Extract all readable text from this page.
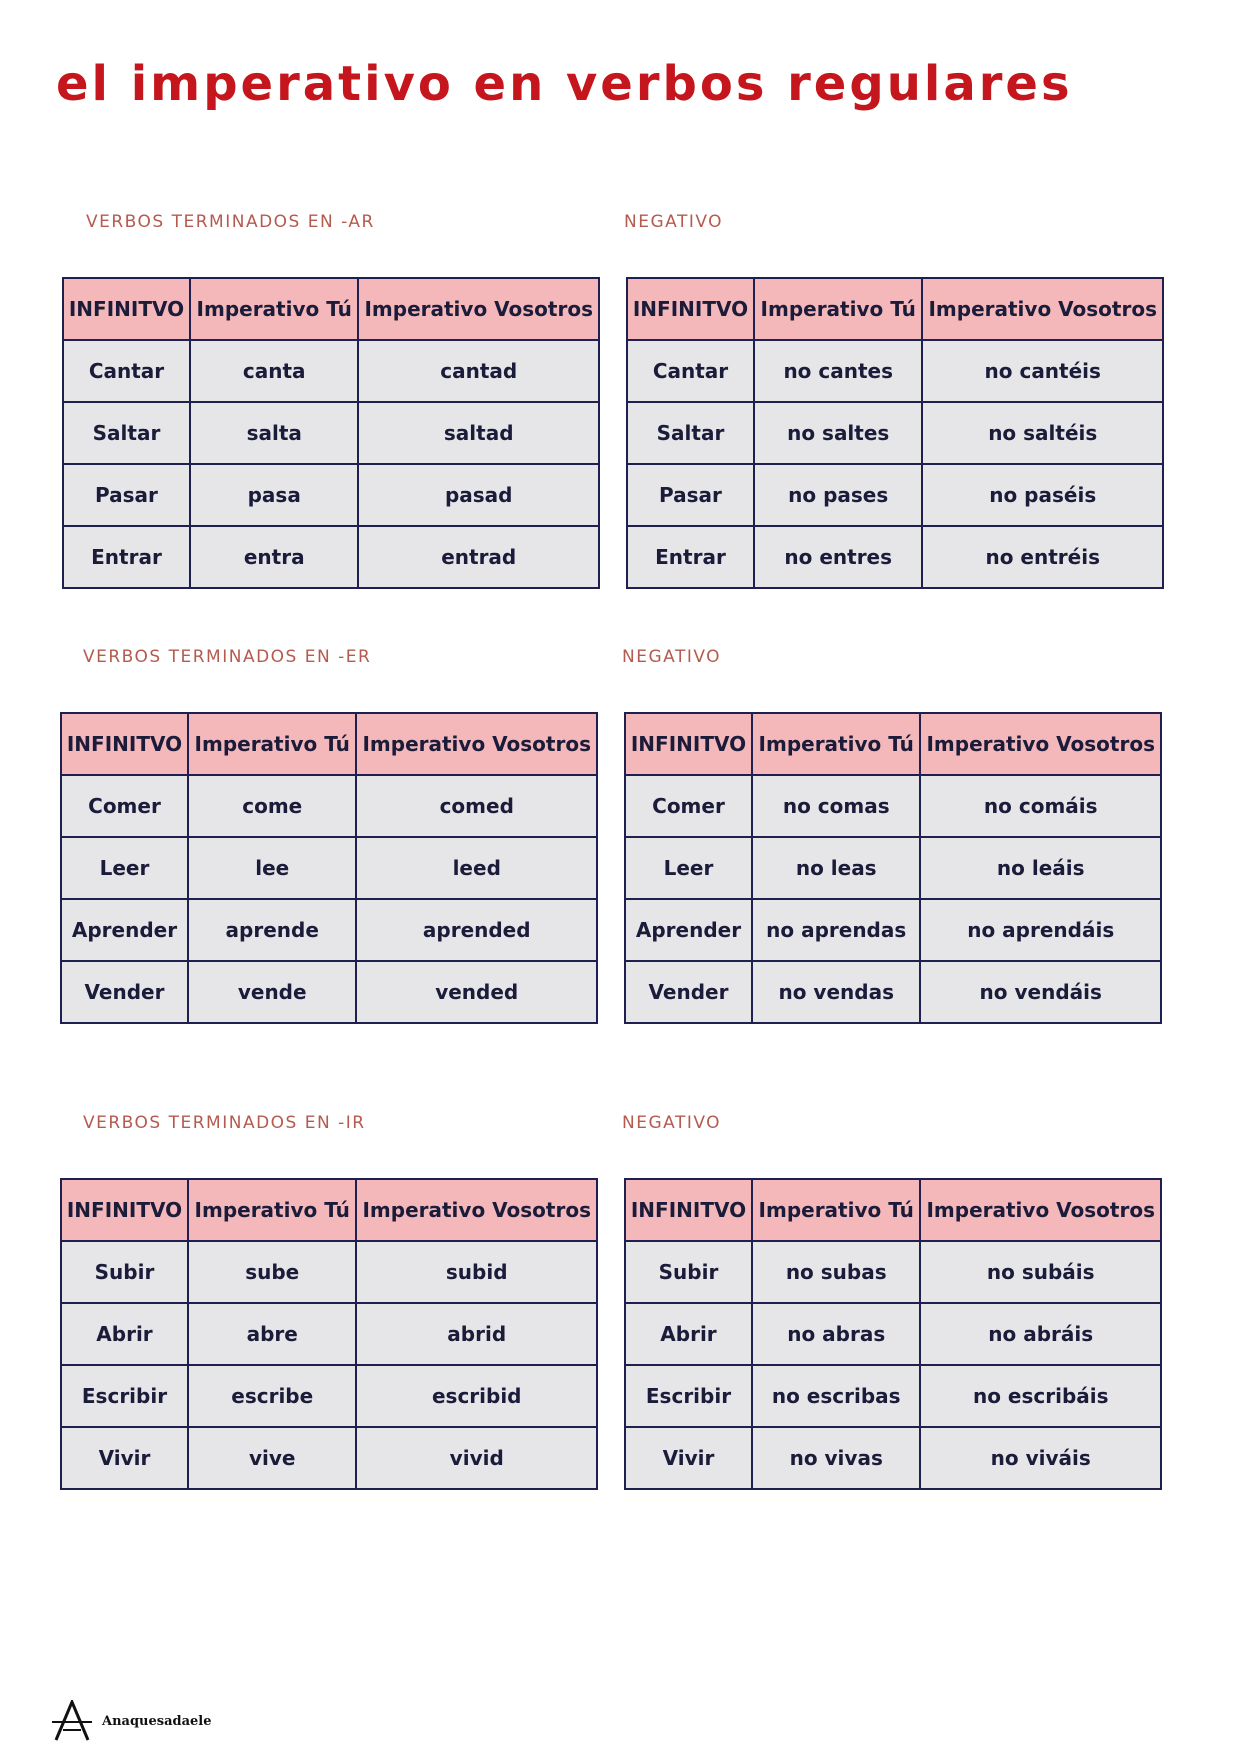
el imperativo en verbos regulares
VERBOS TERMINADOS EN -AR	NEGATIVO
INFINITVO	Imperativo Tú	Imperativo Vosotros
Cantar	canta	cantad
Saltar	salta	saltad
Pasar	pasa	pasad
Entrar	entra	entrad
INFINITVO	Imperativo Tú	Imperativo Vosotros
Cantar	no cantes	no cantéis
Saltar	no saltes	no saltéis
Pasar	no pases	no paséis
Entrar	no entres	no entréis
VERBOS TERMINADOS EN -ER	NEGATIVO
INFINITVO	Imperativo Tú	Imperativo Vosotros
Comer	come	comed
Leer	lee	leed
Aprender	aprende	aprended
Vender	vende	vended
INFINITVO	Imperativo Tú	Imperativo Vosotros
Comer	no comas	no comáis
Leer	no leas	no leáis
Aprender	no aprendas	no aprendáis
Vender	no vendas	no vendáis
VERBOS TERMINADOS EN -IR	NEGATIVO
INFINITVO	Imperativo Tú	Imperativo Vosotros
Subir	sube	subid
Abrir	abre	abrid
Escribir	escribe	escribid
Vivir	vive	vivid
INFINITVO	Imperativo Tú	Imperativo Vosotros
Subir	no subas	no subáis
Abrir	no abras	no abráis
Escribir	no escribas	no escribáis
Vivir	no vivas	no viváis
Anaquesadaele
